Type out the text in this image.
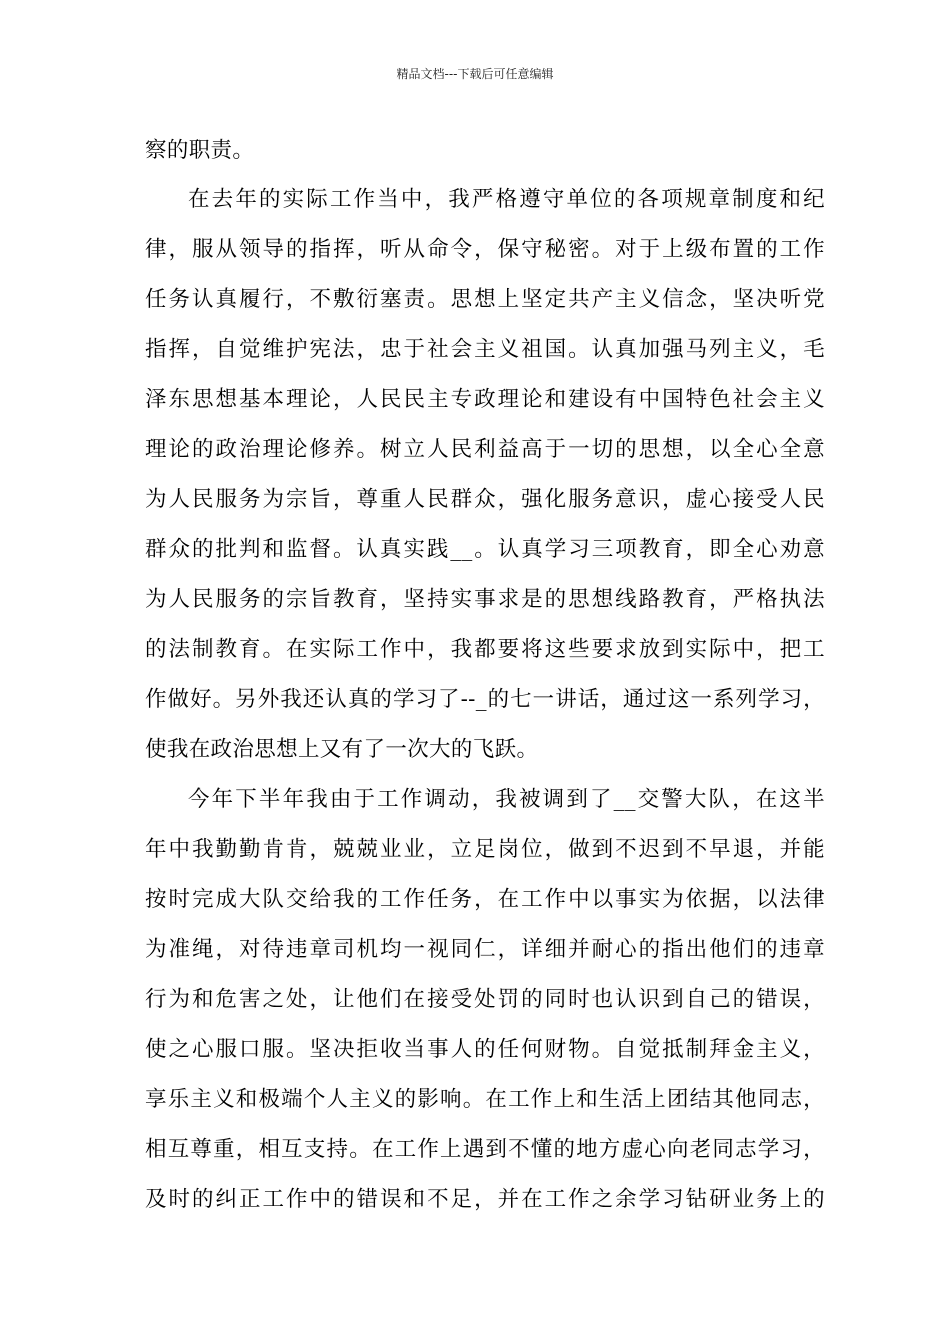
精品文档---下载后可任意编辑
察的职责。
在去年的实际工作当中，我严格遵守单位的各项规章制度和纪
律，服从领导的指挥，听从命令，保守秘密。对于上级布置的工作
任务认真履行，不敷衍塞责。思想上坚定共产主义信念，坚决听党
指挥，自觉维护宪法，忠于社会主义祖国。认真加强马列主义，毛
泽东思想基本理论，人民民主专政理论和建设有中国特色社会主义
理论的政治理论修养。树立人民利益高于一切的思想，以全心全意
为人民服务为宗旨，尊重人民群众，强化服务意识，虚心接受人民
群众的批判和监督。认真实践__。认真学习三项教育，即全心劝意
为人民服务的宗旨教育，坚持实事求是的思想线路教育，严格执法
的法制教育。在实际工作中，我都要将这些要求放到实际中，把工
作做好。另外我还认真的学习了--_的七一讲话，通过这一系列学习，
使我在政治思想上又有了一次大的飞跃。
今年下半年我由于工作调动，我被调到了__交警大队，在这半
年中我勤勤肯肯，兢兢业业，立足岗位，做到不迟到不早退，并能
按时完成大队交给我的工作任务，在工作中以事实为依据，以法律
为准绳，对待违章司机均一视同仁，详细并耐心的指出他们的违章
行为和危害之处，让他们在接受处罚的同时也认识到自己的错误，
使之心服口服。坚决拒收当事人的任何财物。自觉抵制拜金主义，
享乐主义和极端个人主义的影响。在工作上和生活上团结其他同志，
相互尊重，相互支持。在工作上遇到不懂的地方虚心向老同志学习，
及时的纠正工作中的错误和不足，并在工作之余学习钻研业务上的
